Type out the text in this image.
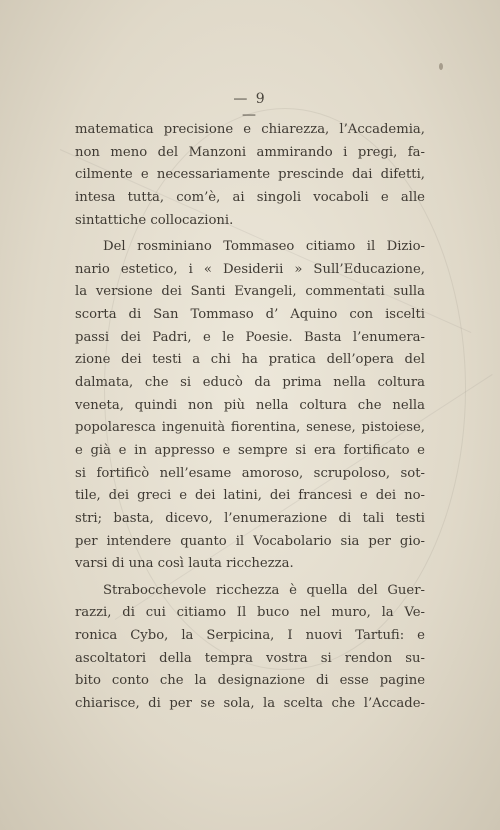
— 9 —
matematica precisione e chiarezza, l’Accademia,
non meno del Manzoni ammirando i pregi, fa-
cilmente e necessariamente prescinde dai difetti,
intesa tutta, com’è, ai singoli vocaboli e alle
sintattiche collocazioni.
Del rosminiano Tommaseo citiamo il Dizio-
nario estetico, i « Desiderii » Sull’Educazione,
la versione dei Santi Evangeli, commentati sulla
scorta di San Tommaso d’ Aquino con iscelti
passi dei Padri, e le Poesie. Basta l’enumera-
zione dei testi a chi ha pratica dell’opera del
dalmata, che si educò da prima nella coltura
veneta, quindi non più nella coltura che nella
popolaresca ingenuità fiorentina, senese, pistoiese,
e già e in appresso e sempre si era fortificato e
si fortificò nell’esame amoroso, scrupoloso, sot-
tile, dei greci e dei latini, dei francesi e dei no-
stri; basta, dicevo, l’enumerazione di tali testi
per intendere quanto il Vocabolario sia per gio-
varsi di una così lauta ricchezza.
Strabocchevole ricchezza è quella del Guer-
razzi, di cui citiamo Il buco nel muro, la Ve-
ronica Cybo, la Serpicina, I nuovi Tartufi: e
ascoltatori della tempra vostra si rendon su-
bito conto che la designazione di esse pagine
chiarisce, di per se sola, la scelta che l’Accade-
